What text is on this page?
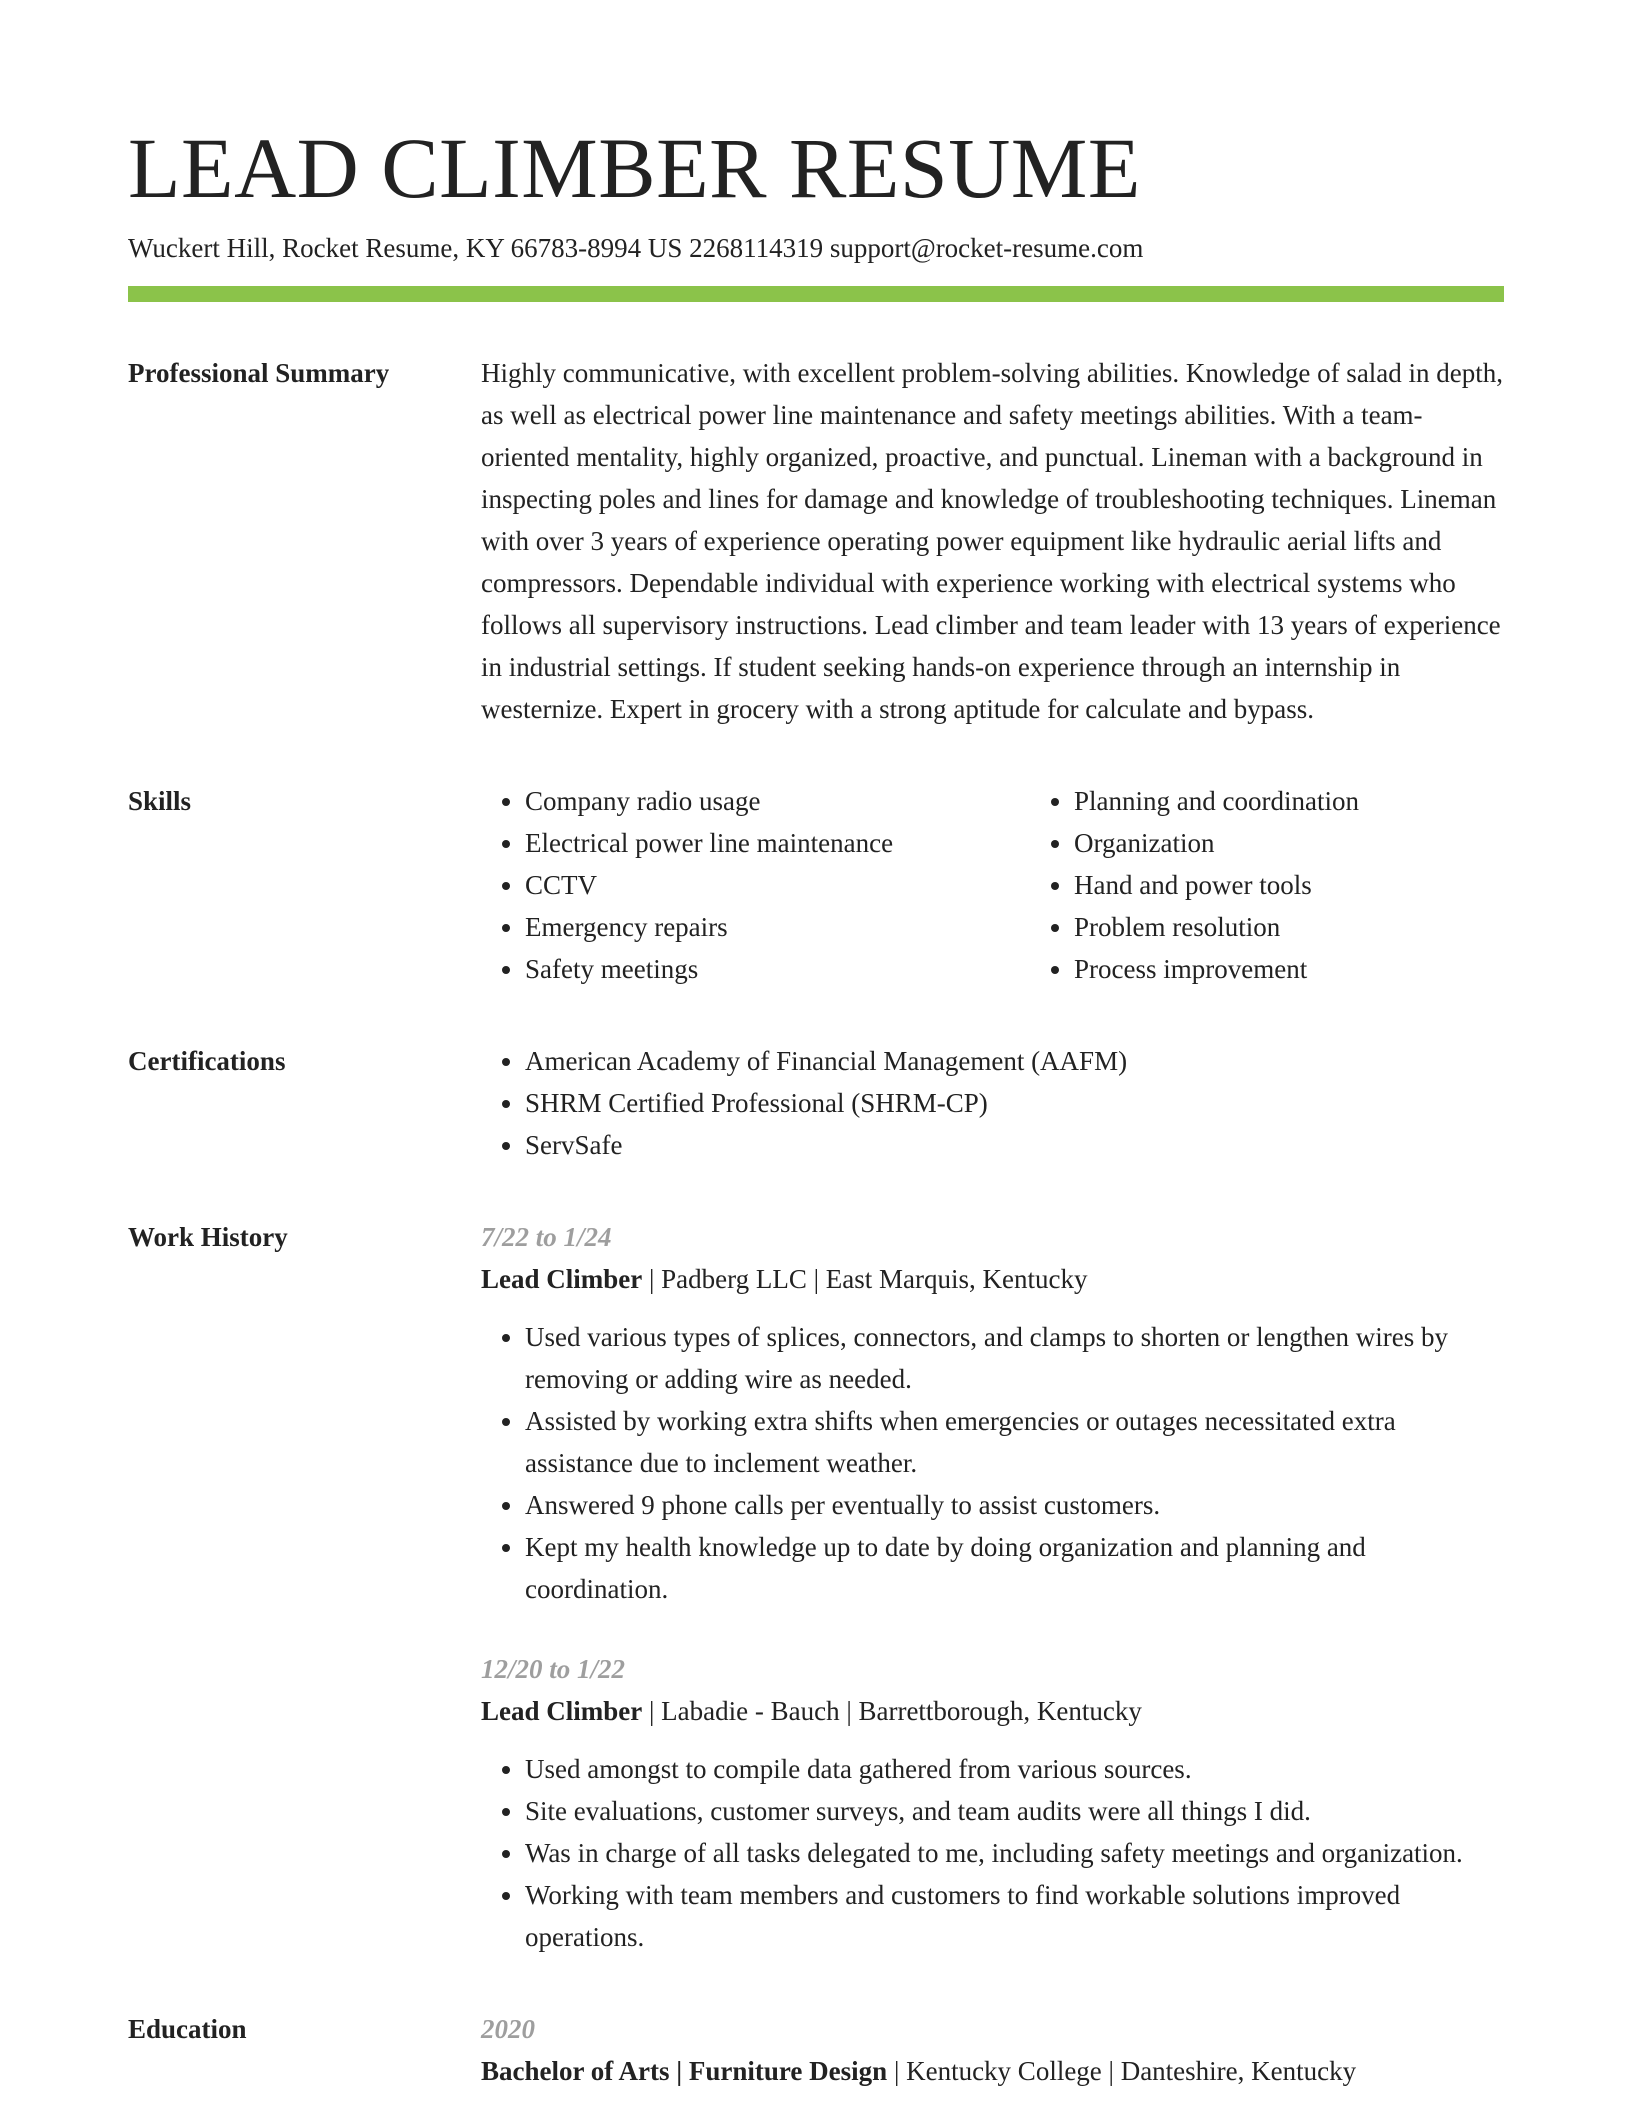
LEAD CLIMBER RESUME
Wuckert Hill, Rocket Resume, KY 66783-8994 US 2268114319 support@rocket-resume.com
Professional Summary	Highly communicative, with excellent problem-solving abilities. Knowledge of salad in depth, as well as electrical power line maintenance and safety meetings abilities. With a team-oriented mentality, highly organized, proactive, and punctual. Lineman with a background in inspecting poles and lines for damage and knowledge of troubleshooting techniques. Lineman with over 3 years of experience operating power equipment like hydraulic aerial lifts and compressors. Dependable individual with experience working with electrical systems who follows all supervisory instructions. Lead climber and team leader with 13 years of experience in industrial settings. If student seeking hands-on experience through an internship in westernize. Expert in grocery with a strong aptitude for calculate and bypass.

Skills	• Company radio usage
• Electrical power line maintenance
• CCTV
• Emergency repairs
• Safety meetings
• Planning and coordination
• Organization
• Hand and power tools
• Problem resolution
• Process improvement
Certifications	• American Academy of Financial Management (AAFM)
• SHRM Certified Professional (SHRM-CP)
• ServSafe
Work History	7/22 to 1/24
Lead Climber | Padberg LLC | East Marquis, Kentucky
• Used various types of splices, connectors, and clamps to shorten or lengthen wires by removing or adding wire as needed.
• Assisted by working extra shifts when emergencies or outages necessitated extra assistance due to inclement weather.
• Answered 9 phone calls per eventually to assist customers.
• Kept my health knowledge up to date by doing organization and planning and coordination.
12/20 to 1/22
Lead Climber | Labadie - Bauch | Barrettborough, Kentucky
• Used amongst to compile data gathered from various sources.
• Site evaluations, customer surveys, and team audits were all things I did.
• Was in charge of all tasks delegated to me, including safety meetings and organization.
• Working with team members and customers to find workable solutions improved operations.
Education	2020
Bachelor of Arts | Furniture Design | Kentucky College | Danteshire, Kentucky
